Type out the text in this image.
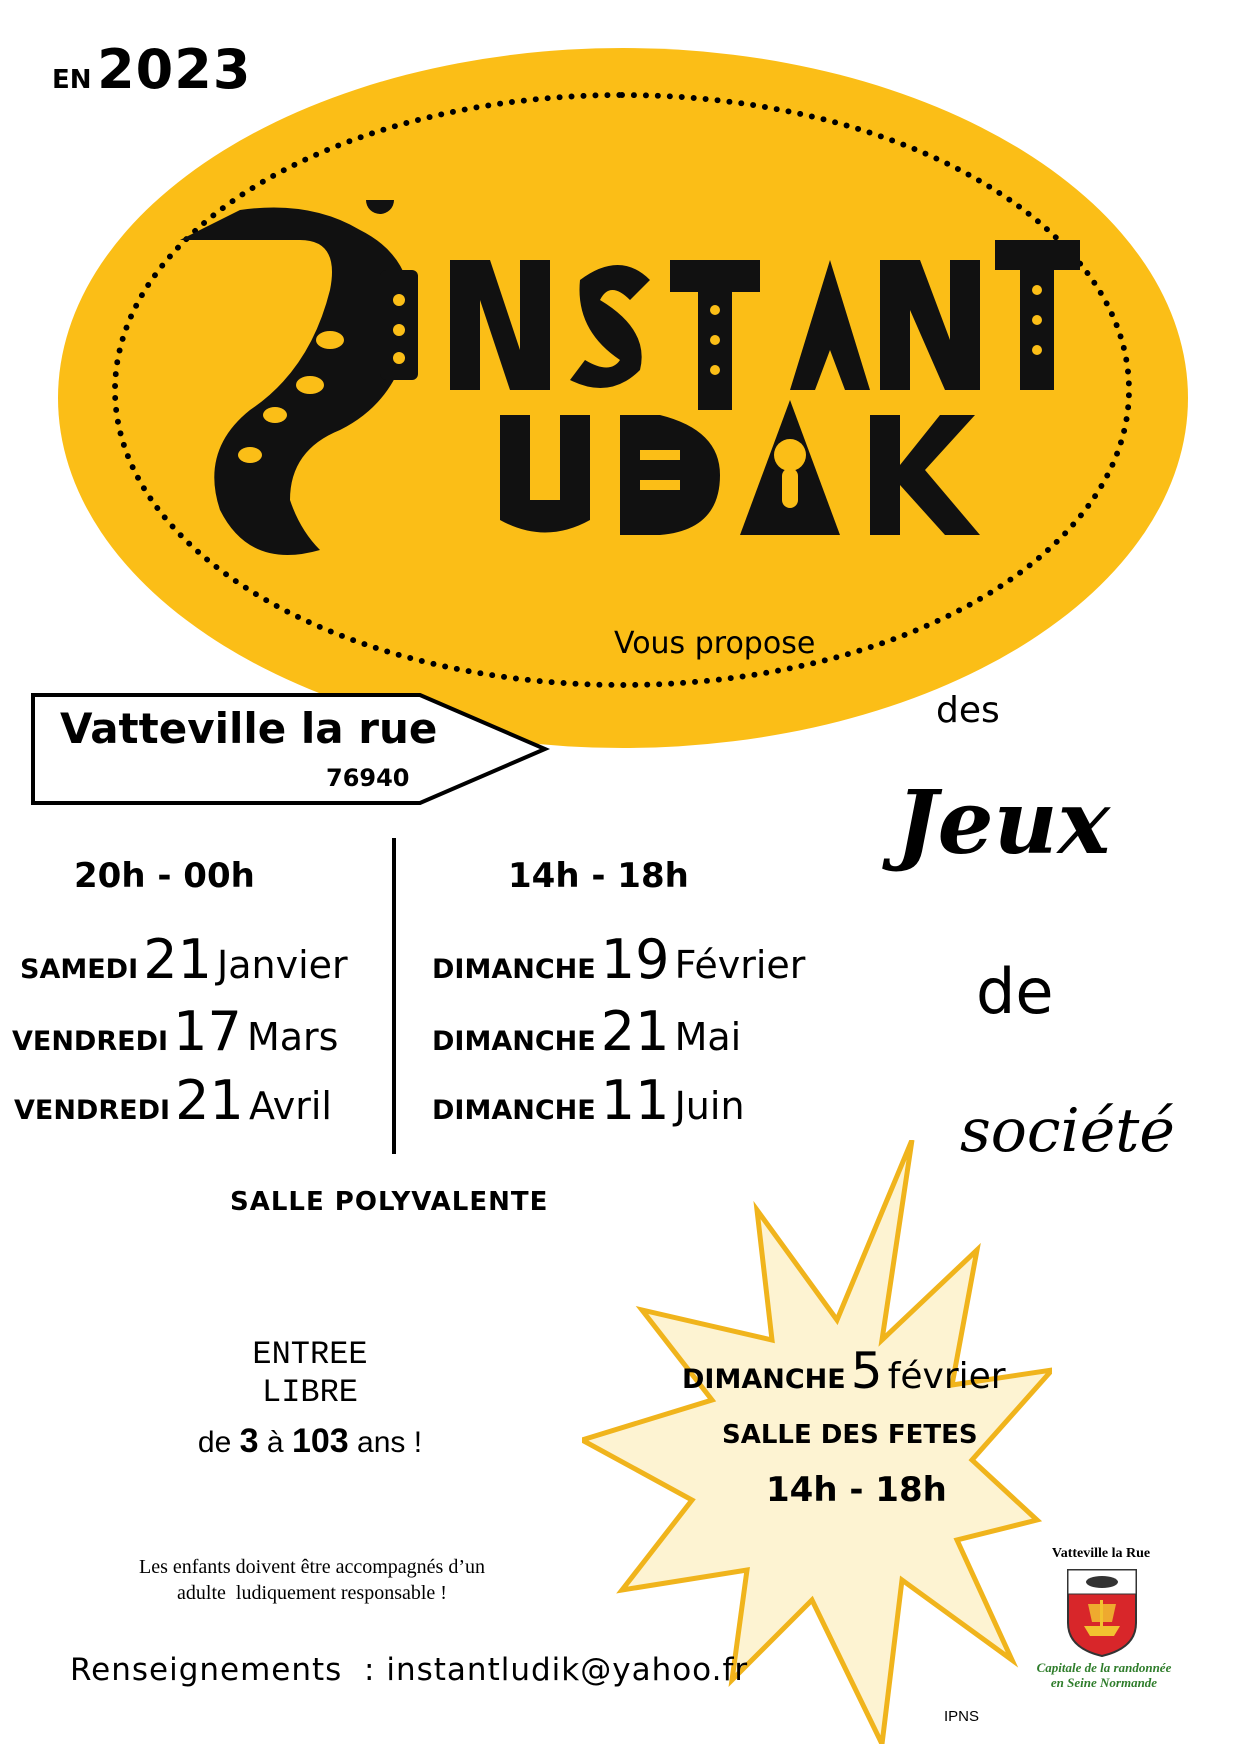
EN 2023
Vous propose
Vatteville la rue
76940
des
Jeux
de
société
20h - 00h	14h - 18h
SAMEDI 21 Janvier
VENDREDI 17 Mars
VENDREDI 21 Avril
DIMANCHE 19 Février
DIMANCHE 21 Mai
DIMANCHE 11 Juin
SALLE POLYVALENTE
ENTREE
LIBRE
de 3 à 103 ans !
Les enfants doivent être accompagnés d’un
adulte  ludiquement responsable !
DIMANCHE 5 février
SALLE DES FETES
14h - 18h
Renseignements : instantludik@yahoo.fr
IPNS
Vatteville la Rue
Capitale de la randonnée
en Seine Normande
